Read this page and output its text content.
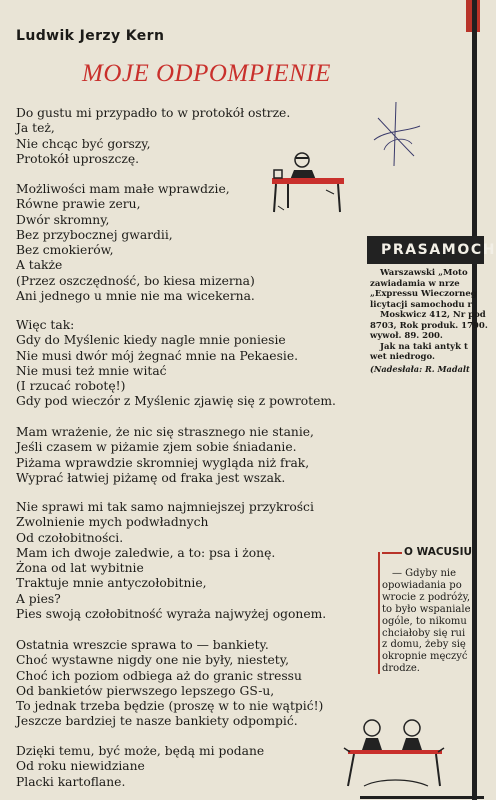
Ludwik Jerzy Kern
MOJE ODPOMPIENIE
Do gustu mi przypadło to w protokół ostrze.
Ja też,
Nie chcąc być gorszy,
Protokół uproszczę.
Możliwości mam małe wprawdzie,
Równe prawie zeru,
Dwór skromny,
Bez przybocznej gwardii,
Bez cmokierów,
A także
(Przez oszczędność, bo kiesa mizerna)
Ani jednego u mnie nie ma wicekerna.
Więc tak:
Gdy do Myślenic kiedy nagle mnie poniesie
Nie musi dwór mój żegnać mnie na Pekaesie.
Nie musi też mnie witać
(I rzucać robotę!)
Gdy pod wieczór z Myślenic zjawię się z powrotem.
Mam wrażenie, że nic się strasznego nie stanie,
Jeśli czasem w piżamie zjem sobie śniadanie.
Piżama wprawdzie skromniej wygląda niż frak,
Wyprać łatwiej piżamę od fraka jest wszak.
Nie sprawi mi tak samo najmniejszej przykrości
Zwolnienie mych podwładnych
Od czołobitności.
Mam ich dwoje zaledwie, a to: psa i żonę.
Żona od lat wybitnie
Traktuje mnie antyczołobitnie,
A pies?
Pies swoją czołobitność wyraża najwyżej ogonem.
Ostatnia wreszcie sprawa to — bankiety.
Choć wystawne nigdy one nie były, niestety,
Choć ich poziom odbiega aż do granic stressu
Od bankietów pierwszego lepszego GS-u,
To jednak trzeba będzie (proszę w to nie wątpić!)
Jeszcze bardziej te nasze bankiety odpompić.
Dzięki temu, być może, będą mi podane
Od roku niewidziane
Placki kartoflane.
PRASAMOCH
Warszawski „Moto
zawiadamia w nrze
„Expressu Wieczorneg
licytacji samochodu r
Moskwicz 412, Nr pod
8703, Rok produk. 1790.
wywoł. 89. 200.
Jak na taki antyk t
wet niedrogo.
(Nadesłała: R. Madalt
O WACUSIU
— Gdyby nie
opowiadania po
wrocie z podróży,
to było wspaniale
ogóle, to nikomu
chciałoby się rui
z domu, żeby się
okropnie męczyć
drodze.
